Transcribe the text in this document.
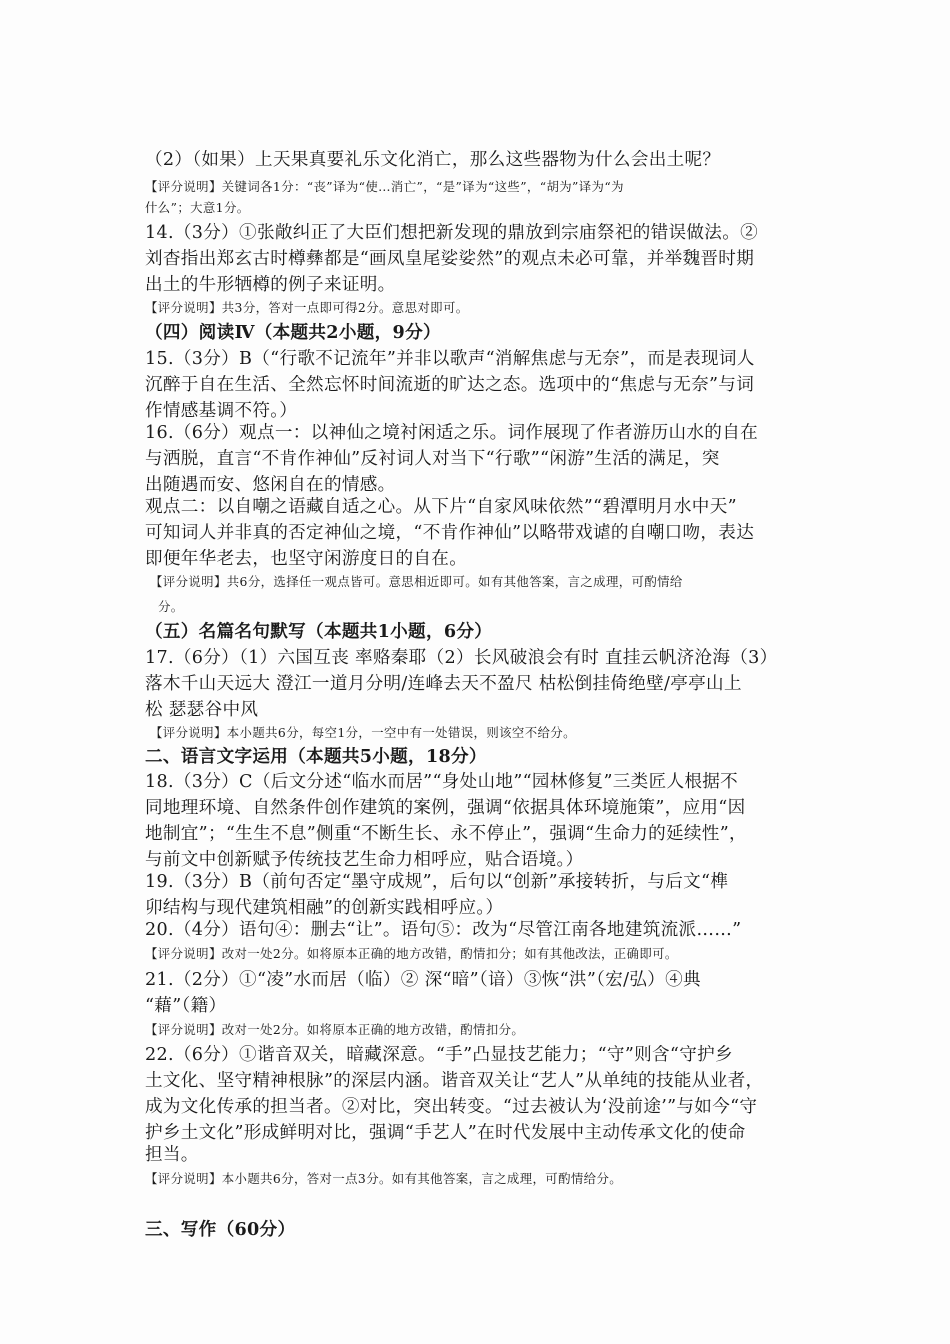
（2）（如果）上天果真要礼乐文化消亡，那么这些器物为什么会出土呢？
【评分说明】关键词各1分：“丧”译为“使…消亡”，“是”译为“这些”，“胡为”译为“为
什么”；大意1分。
14.（3分）①张敞纠正了大臣们想把新发现的鼎放到宗庙祭祀的错误做法。②
刘杳指出郑玄古时樽彝都是“画凤皇尾娑娑然”的观点未必可靠，并举魏晋时期
出土的牛形牺樽的例子来证明。
【评分说明】共3分，答对一点即可得2分。意思对即可。
（四）阅读Ⅳ（本题共2小题，9分）
15.（3分）B（“行歌不记流年”并非以歌声“消解焦虑与无奈”，而是表现词人
沉醉于自在生活、全然忘怀时间流逝的旷达之态。选项中的“焦虑与无奈”与词
作情感基调不符。）
16.（6分）观点一：以神仙之境衬闲适之乐。词作展现了作者游历山水的自在
与洒脱，直言“不肯作神仙”反衬词人对当下“行歌”“闲游”生活的满足，突
出随遇而安、悠闲自在的情感。
观点二：以自嘲之语藏自适之心。从下片“自家风味依然”“碧潭明月水中天”
可知词人并非真的否定神仙之境，“不肯作神仙”以略带戏谑的自嘲口吻，表达
即便年华老去，也坚守闲游度日的自在。
【评分说明】共6分，选择任一观点皆可。意思相近即可。如有其他答案，言之成理，可酌情给
分。
（五）名篇名句默写（本题共1小题，6分）
17.（6分）（1）六国互丧 率赂秦耶（2）长风破浪会有时 直挂云帆济沧海（3）
落木千山天远大 澄江一道月分明/连峰去天不盈尺 枯松倒挂倚绝壁/亭亭山上
松 瑟瑟谷中风
【评分说明】本小题共6分，每空1分，一空中有一处错误，则该空不给分。
二、语言文字运用（本题共5小题，18分）
18.（3分）C（后文分述“临水而居”“身处山地”“园林修复”三类匠人根据不
同地理环境、自然条件创作建筑的案例，强调“依据具体环境施策”，应用“因
地制宜”；“生生不息”侧重“不断生长、永不停止”，强调“生命力的延续性”，
与前文中创新赋予传统技艺生命力相呼应，贴合语境。）
19.（3分）B（前句否定“墨守成规”，后句以“创新”承接转折，与后文“榫
卯结构与现代建筑相融”的创新实践相呼应。）
20.（4分）语句④：删去“让”。语句⑤：改为“尽管江南各地建筑流派……”
【评分说明】改对一处2分。如将原本正确的地方改错，酌情扣分；如有其他改法，正确即可。
21.（2分）①“凌”水而居（临）② 深“暗”（谙）③恢“洪”（宏/弘）④典
“藉”（籍）
【评分说明】改对一处2分。如将原本正确的地方改错，酌情扣分。
22.（6分）①谐音双关，暗藏深意。“手”凸显技艺能力；“守”则含“守护乡
土文化、坚守精神根脉”的深层内涵。谐音双关让“艺人”从单纯的技能从业者，
成为文化传承的担当者。②对比，突出转变。“过去被认为‘没前途’”与如今“守
护乡土文化”形成鲜明对比，强调“手艺人”在时代发展中主动传承文化的使命
担当。
【评分说明】本小题共6分，答对一点3分。如有其他答案，言之成理，可酌情给分。
三、写作（60分）
